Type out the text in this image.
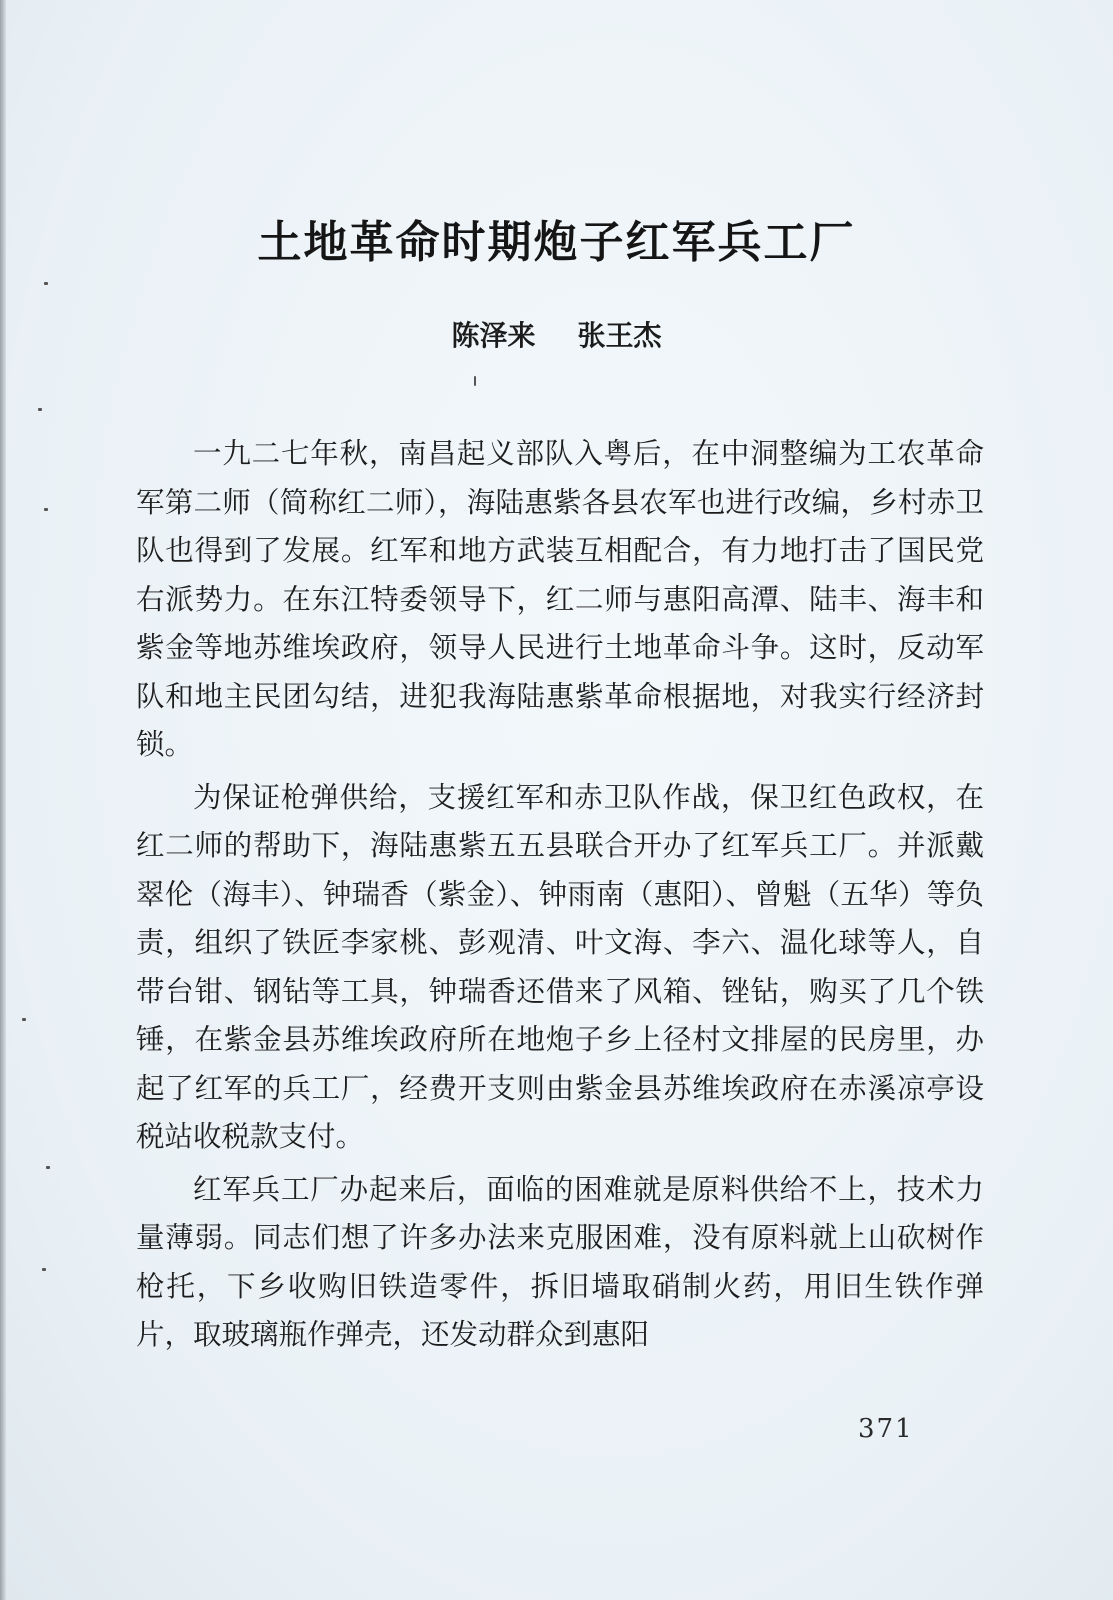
土地革命时期炮子红军兵工厂
陈泽来 张王杰

一九二七年秋，南昌起义部队入粤后，在中洞整编为工农革命军第二师（简称红二师），海陆惠紫各县农军也进行改编，乡村赤卫队也得到了发展。红军和地方武装互相配合，有力地打击了国民党右派势力。在东江特委领导下，红二师与惠阳高潭、陆丰、海丰和紫金等地苏维埃政府，领导人民进行土地革命斗争。这时，反动军队和地主民团勾结，进犯我海陆惠紫革命根据地，对我实行经济封锁。

为保证枪弹供给，支援红军和赤卫队作战，保卫红色政权，在红二师的帮助下，海陆惠紫五五县联合开办了红军兵工厂。并派戴翠伦（海丰）、钟瑞香（紫金）、钟雨南（惠阳）、曾魁（五华）等负责，组织了铁匠李家桃、彭观清、叶文海、李六、温化球等人，自带台钳、钢钻等工具，钟瑞香还借来了风箱、锉钻，购买了几个铁锤，在紫金县苏维埃政府所在地炮子乡上径村文排屋的民房里，办起了红军的兵工厂，经费开支则由紫金县苏维埃政府在赤溪凉亭设税站收税款支付。

红军兵工厂办起来后，面临的困难就是原料供给不上，技术力量薄弱。同志们想了许多办法来克服困难，没有原料就上山砍树作枪托，下乡收购旧铁造零件，拆旧墙取硝制火药，用旧生铁作弹片，取玻璃瓶作弹壳，还发动群众到惠阳

371
